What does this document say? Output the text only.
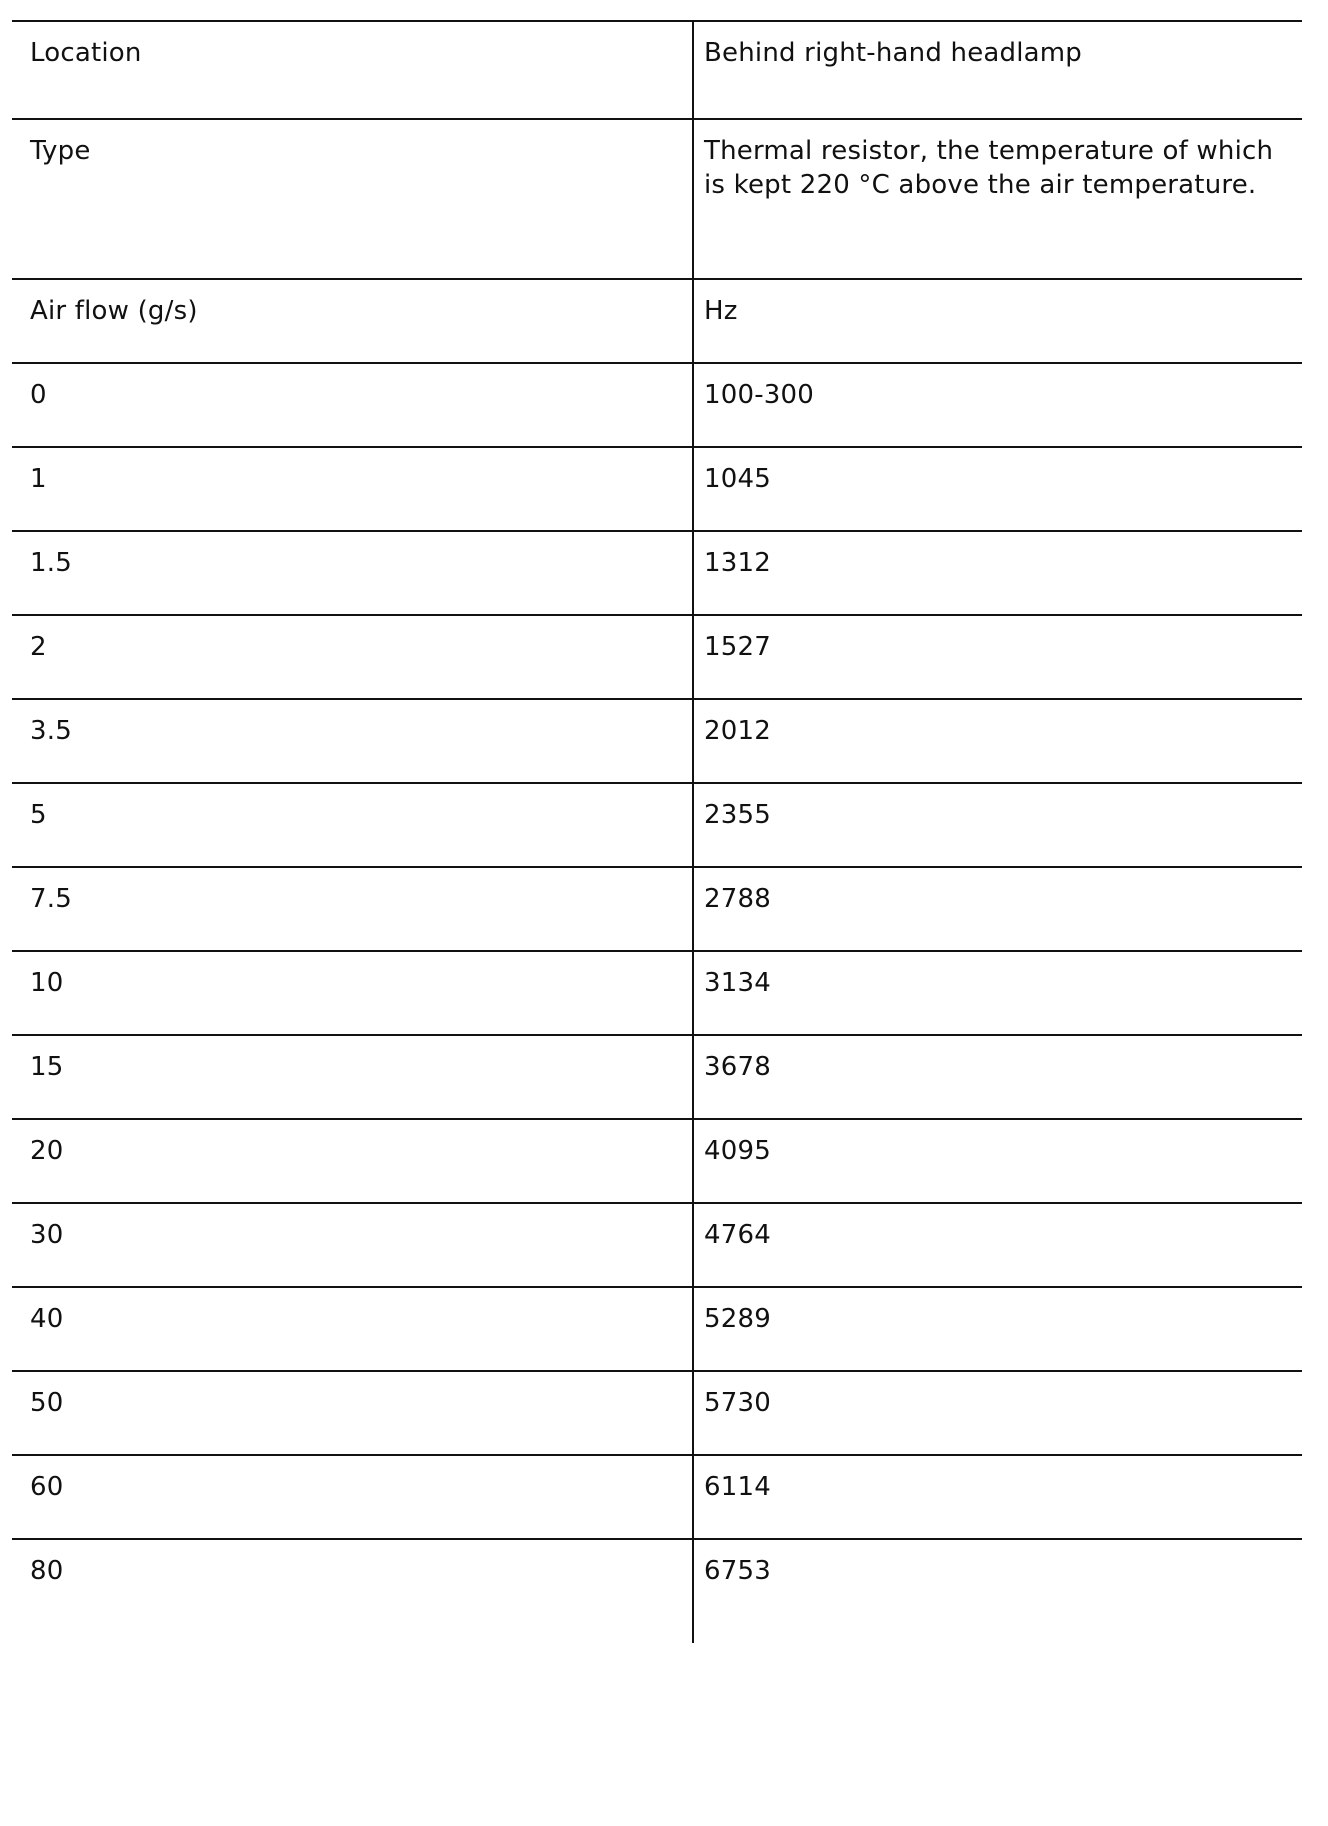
Location	Behind right-hand headlamp
Type	Thermal resistor, the temperature of which is kept 220 °C above the air temperature.
Air flow (g/s)	Hz
0	100-300
1	1045
1.5	1312
2	1527
3.5	2012
5	2355
7.5	2788
10	3134
15	3678
20	4095
30	4764
40	5289
50	5730
60	6114
80	6753
